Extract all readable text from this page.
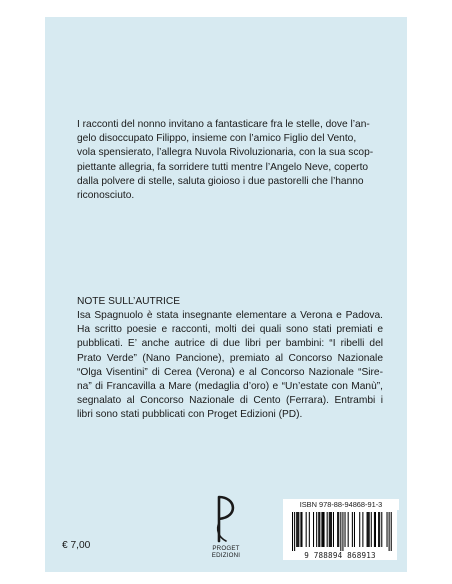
I racconti del nonno invitano a fantasticare fra le stelle, dove l’an-
gelo disoccupato Filippo, insieme con l’amico Figlio del Vento,
vola spensierato, l’allegra Nuvola Rivoluzionaria, con la sua scop-
piettante allegria, fa sorridere tutti mentre l’Angelo Neve, coperto
dalla polvere di stelle, saluta gioioso i due pastorelli che l’hanno
riconosciuto.
NOTE SULL’AUTRICE
Isa Spagnuolo è stata insegnante elementare a Verona e Padova.
Ha scritto poesie e racconti, molti dei quali sono stati premiati e
pubblicati. E’ anche autrice di due libri per bambini: “I ribelli del
Prato Verde” (Nano Pancione), premiato al Concorso Nazionale
“Olga Visentini” di Cerea (Verona) e al Concorso Nazionale “Sire-
na” di Francavilla a Mare (medaglia d’oro) e “Un’estate con Manù”,
segnalato al Concorso Nazionale di Cento (Ferrara). Entrambi i
libri sono stati pubblicati con Proget Edizioni (PD).
PROGET
EDIZIONI
€ 7,00
ISBN 978-88-94868-91-3
9 788894 868913
